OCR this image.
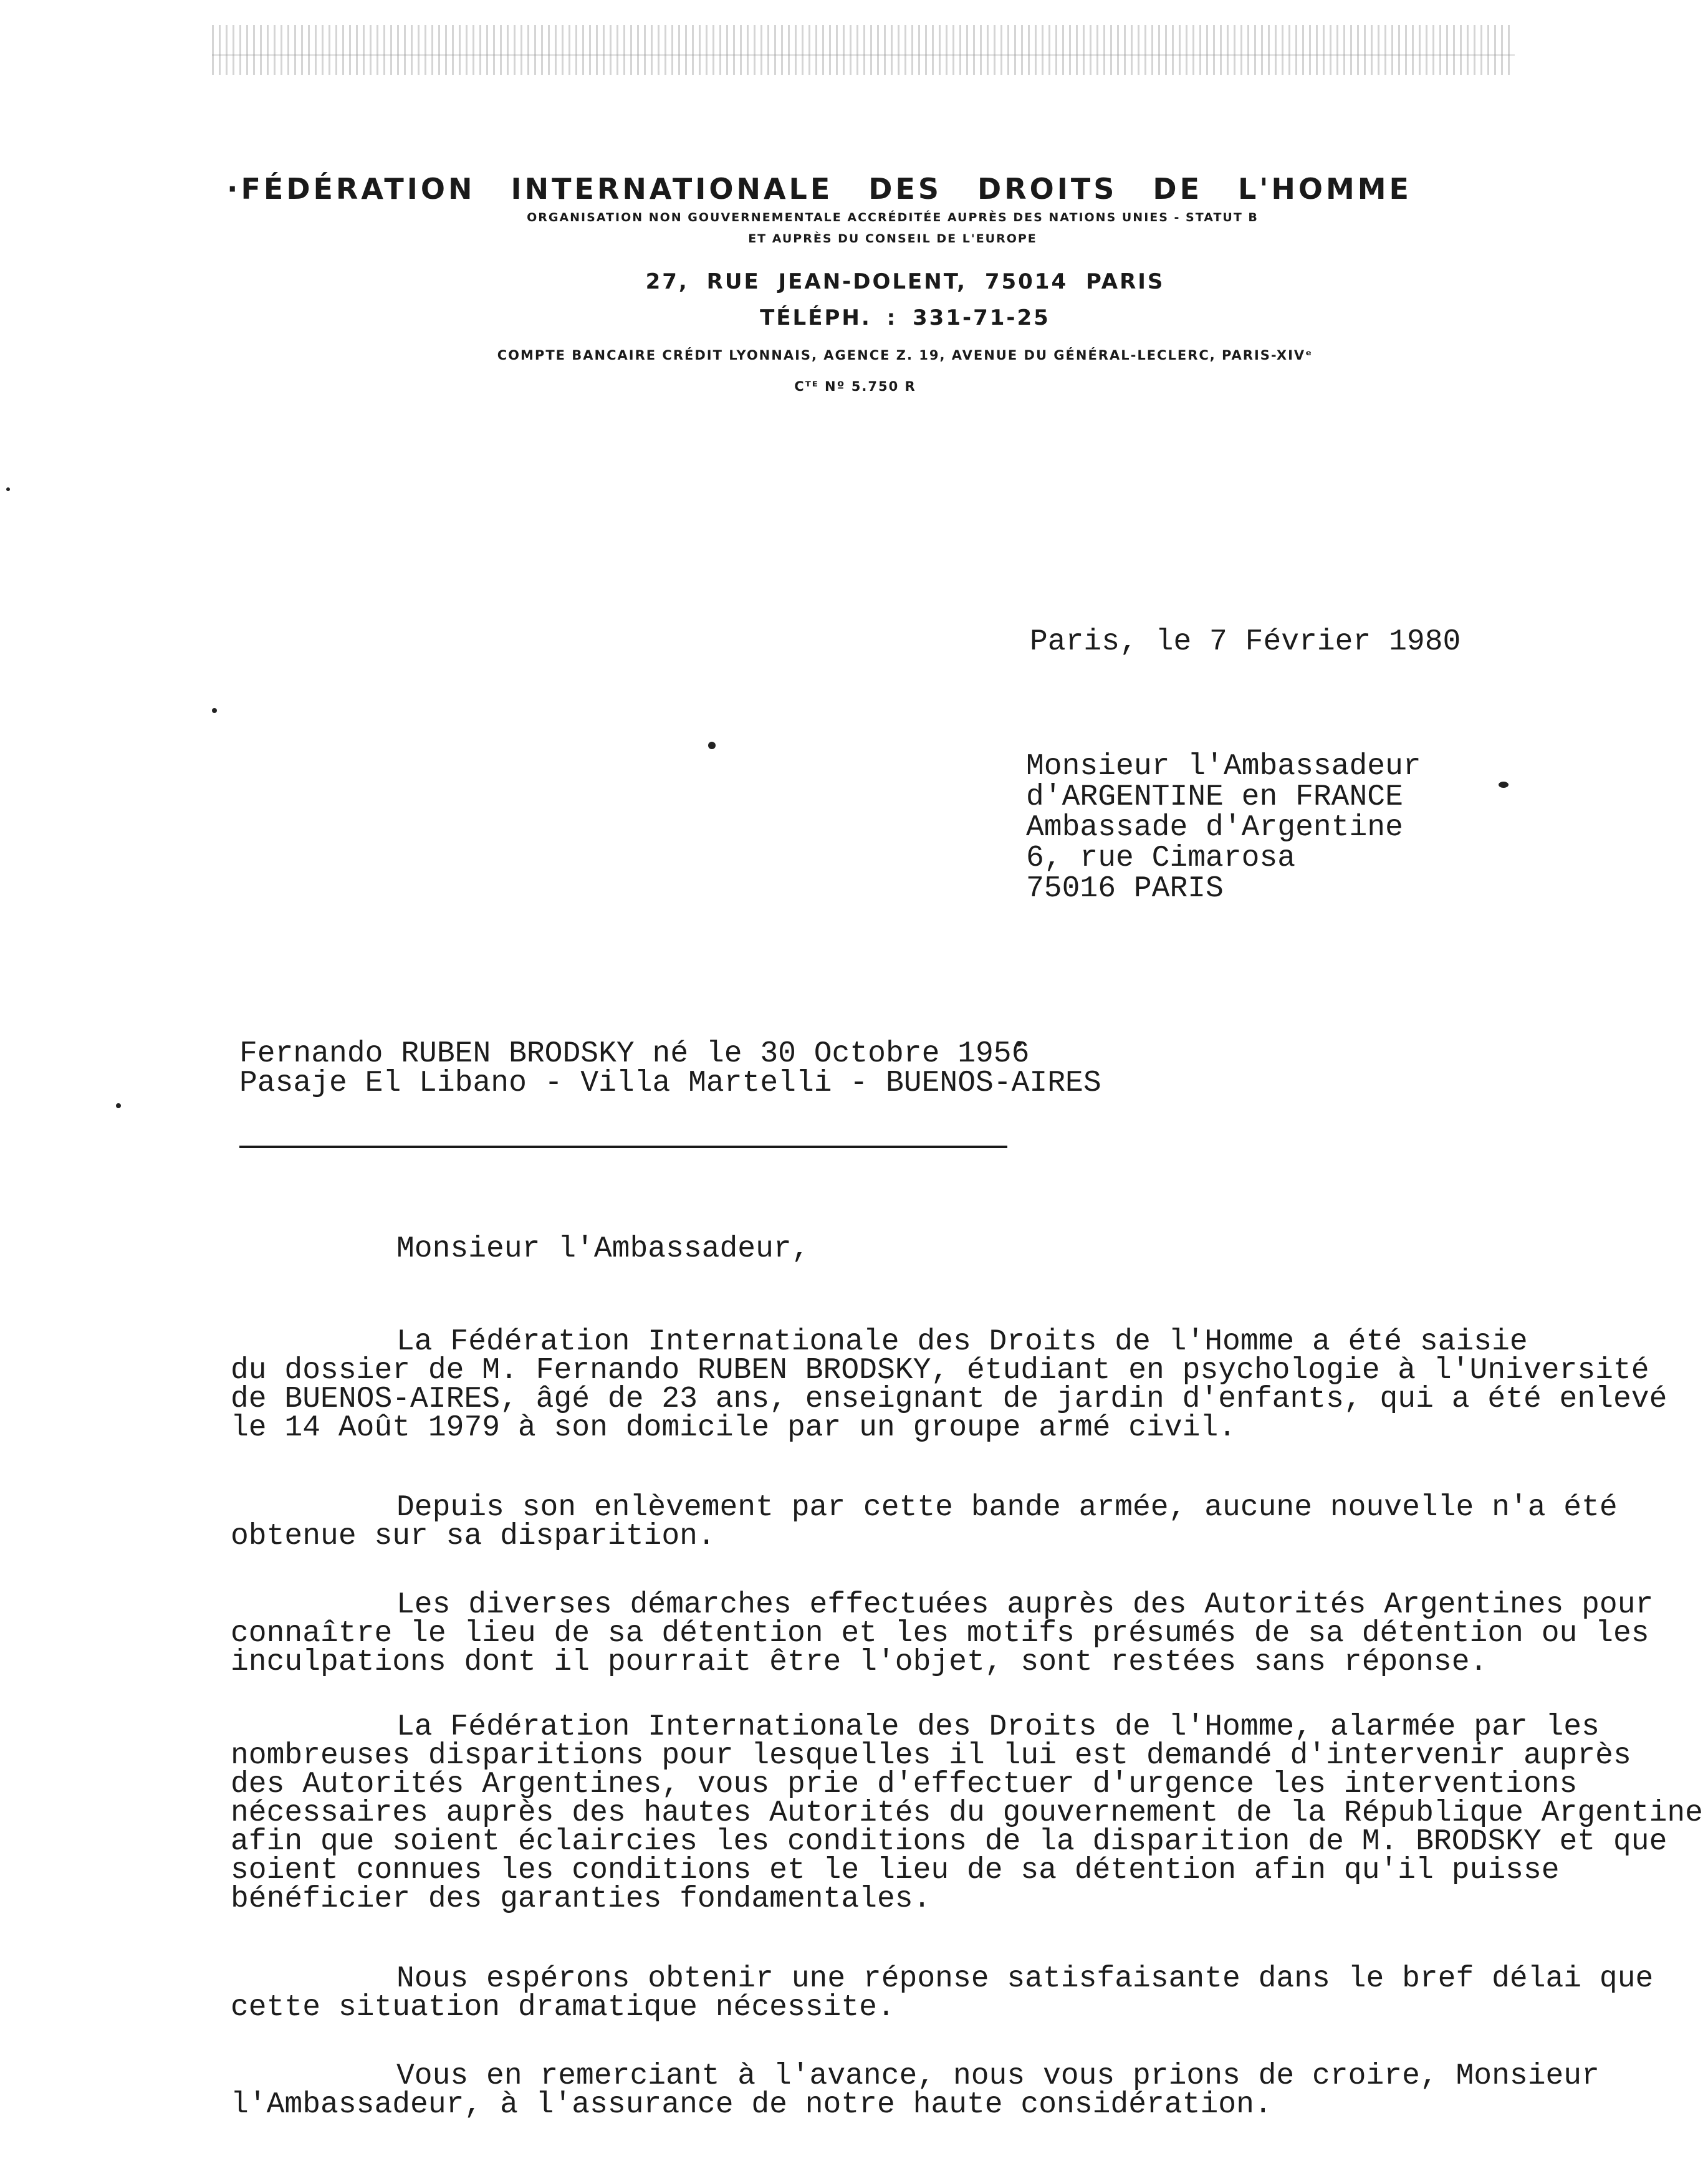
·FÉDÉRATION INTERNATIONALE DES DROITS DE L'HOMME
ORGANISATION NON GOUVERNEMENTALE ACCRÉDITÉE AUPRÈS DES NATIONS UNIES - STATUT B
ET AUPRÈS DU CONSEIL DE L'EUROPE
27, RUE JEAN-DOLENT, 75014 PARIS
TÉLÉPH. : 331-71-25
COMPTE BANCAIRE CRÉDIT LYONNAIS, AGENCE Z. 19, AVENUE DU GÉNÉRAL-LECLERC, PARIS-XIVᵉ
Cᵀᴱ Nº 5.750 R
Paris, le 7 Février 1980
Monsieur l'Ambassadeur
d'ARGENTINE en FRANCE
Ambassade d'Argentine
6, rue Cimarosa
75016 PARIS
Fernando RUBEN BRODSKY né le 30 Octobre 1956
Pasaje El Libano - Villa Martelli - BUENOS-AIRES
Monsieur l'Ambassadeur,
La Fédération Internationale des Droits de l'Homme a été saisie
du dossier de M. Fernando RUBEN BRODSKY, étudiant en psychologie à l'Université
de BUENOS-AIRES, âgé de 23 ans, enseignant de jardin d'enfants, qui a été enlevé
le 14 Août 1979 à son domicile par un groupe armé civil.
Depuis son enlèvement par cette bande armée, aucune nouvelle n'a été
obtenue sur sa disparition.
Les diverses démarches effectuées auprès des Autorités Argentines pour
connaître le lieu de sa détention et les motifs présumés de sa détention ou les
inculpations dont il pourrait être l'objet, sont restées sans réponse.
La Fédération Internationale des Droits de l'Homme, alarmée par les
nombreuses disparitions pour lesquelles il lui est demandé d'intervenir auprès
des Autorités Argentines, vous prie d'effectuer d'urgence les interventions
nécessaires auprès des hautes Autorités du gouvernement de la République Argentine
afin que soient éclaircies les conditions de la disparition de M. BRODSKY et que
soient connues les conditions et le lieu de sa détention afin qu'il puisse
bénéficier des garanties fondamentales.
Nous espérons obtenir une réponse satisfaisante dans le bref délai que
cette situation dramatique nécessite.
Vous en remerciant à l'avance, nous vous prions de croire, Monsieur
l'Ambassadeur, à l'assurance de notre haute considération.
